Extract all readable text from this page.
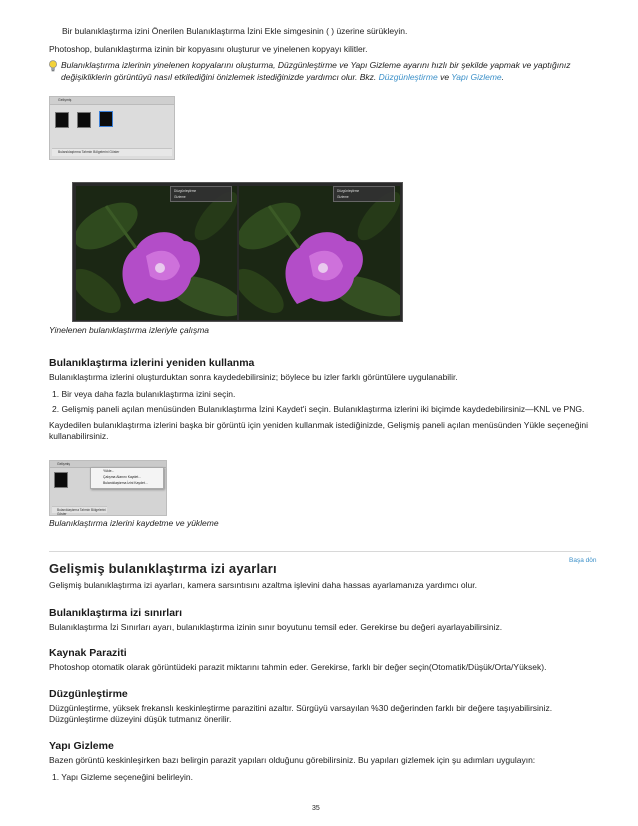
Bir bulanıklaştırma izini Önerilen Bulanıklaştırma İzini Ekle simgesinin ( ) üzerine sürükleyin.
Photoshop, bulanıklaştırma izinin bir kopyasını oluşturur ve yinelenen kopyayı kilitler.
Bulanıklaştırma izlerinin yinelenen kopyalarını oluşturma, Düzgünleştirme ve Yapı Gizleme ayarını hızlı bir şekilde yapmak ve yaptığınız
değişikliklerin görüntüyü nasıl etkilediğini önizlemek istediğinizde yardımcı olur. Bkz. Düzgünleştirme ve Yapı Gizleme.
Gelişmiş
Bulanıklaştırma Tahmin Bölgelerini Göster
Düzgünleştirme
Gizleme
Düzgünleştirme
Gizleme
Yinelenen bulanıklaştırma izleriyle çalışma
Bulanıklaştırma izlerini yeniden kullanma
Bulanıklaştırma izlerini oluşturduktan sonra kaydedebilirsiniz; böylece bu izler farklı görüntülere uygulanabilir.
1. Bir veya daha fazla bulanıklaştırma izini seçin.
2. Gelişmiş paneli açılan menüsünden Bulanıklaştırma İzini Kaydet'i seçin. Bulanıklaştırma izlerini iki biçimde kaydedebilirsiniz—KNL ve PNG.
Kaydedilen bulanıklaştırma izlerini başka bir görüntü için yeniden kullanmak istediğinizde, Gelişmiş paneli açılan menüsünden Yükle seçeneğini
kullanabilirsiniz.
Gelişmiş
Yükle...
Çalışma Alanını Kaydet...
Bulanıklaştırma İzini Kaydet...
Bulanıklaştırma Tahmin Bölgelerini Göster
Bulanıklaştırma izlerini kaydetme ve yükleme
Gelişmiş bulanıklaştırma izi ayarları
Başa dön
Gelişmiş bulanıklaştırma izi ayarları, kamera sarsıntısını azaltma işlevini daha hassas ayarlamanıza yardımcı olur.
Bulanıklaştırma izi sınırları
Bulanıklaştırma İzi Sınırları ayarı, bulanıklaştırma izinin sınır boyutunu temsil eder. Gerekirse bu değeri ayarlayabilirsiniz.
Kaynak Paraziti
Photoshop otomatik olarak görüntüdeki parazit miktarını tahmin eder. Gerekirse, farklı bir değer seçin(Otomatik/Düşük/Orta/Yüksek).
Düzgünleştirme
Düzgünleştirme, yüksek frekanslı keskinleştirme parazitini azaltır. Sürgüyü varsayılan %30 değerinden farklı bir değere taşıyabilirsiniz.
Düzgünleştirme düzeyini düşük tutmanız önerilir.
Yapı Gizleme
Bazen görüntü keskinleşirken bazı belirgin parazit yapıları olduğunu görebilirsiniz. Bu yapıları gizlemek için şu adımları uygulayın:
1. Yapı Gizleme seçeneğini belirleyin.
35
